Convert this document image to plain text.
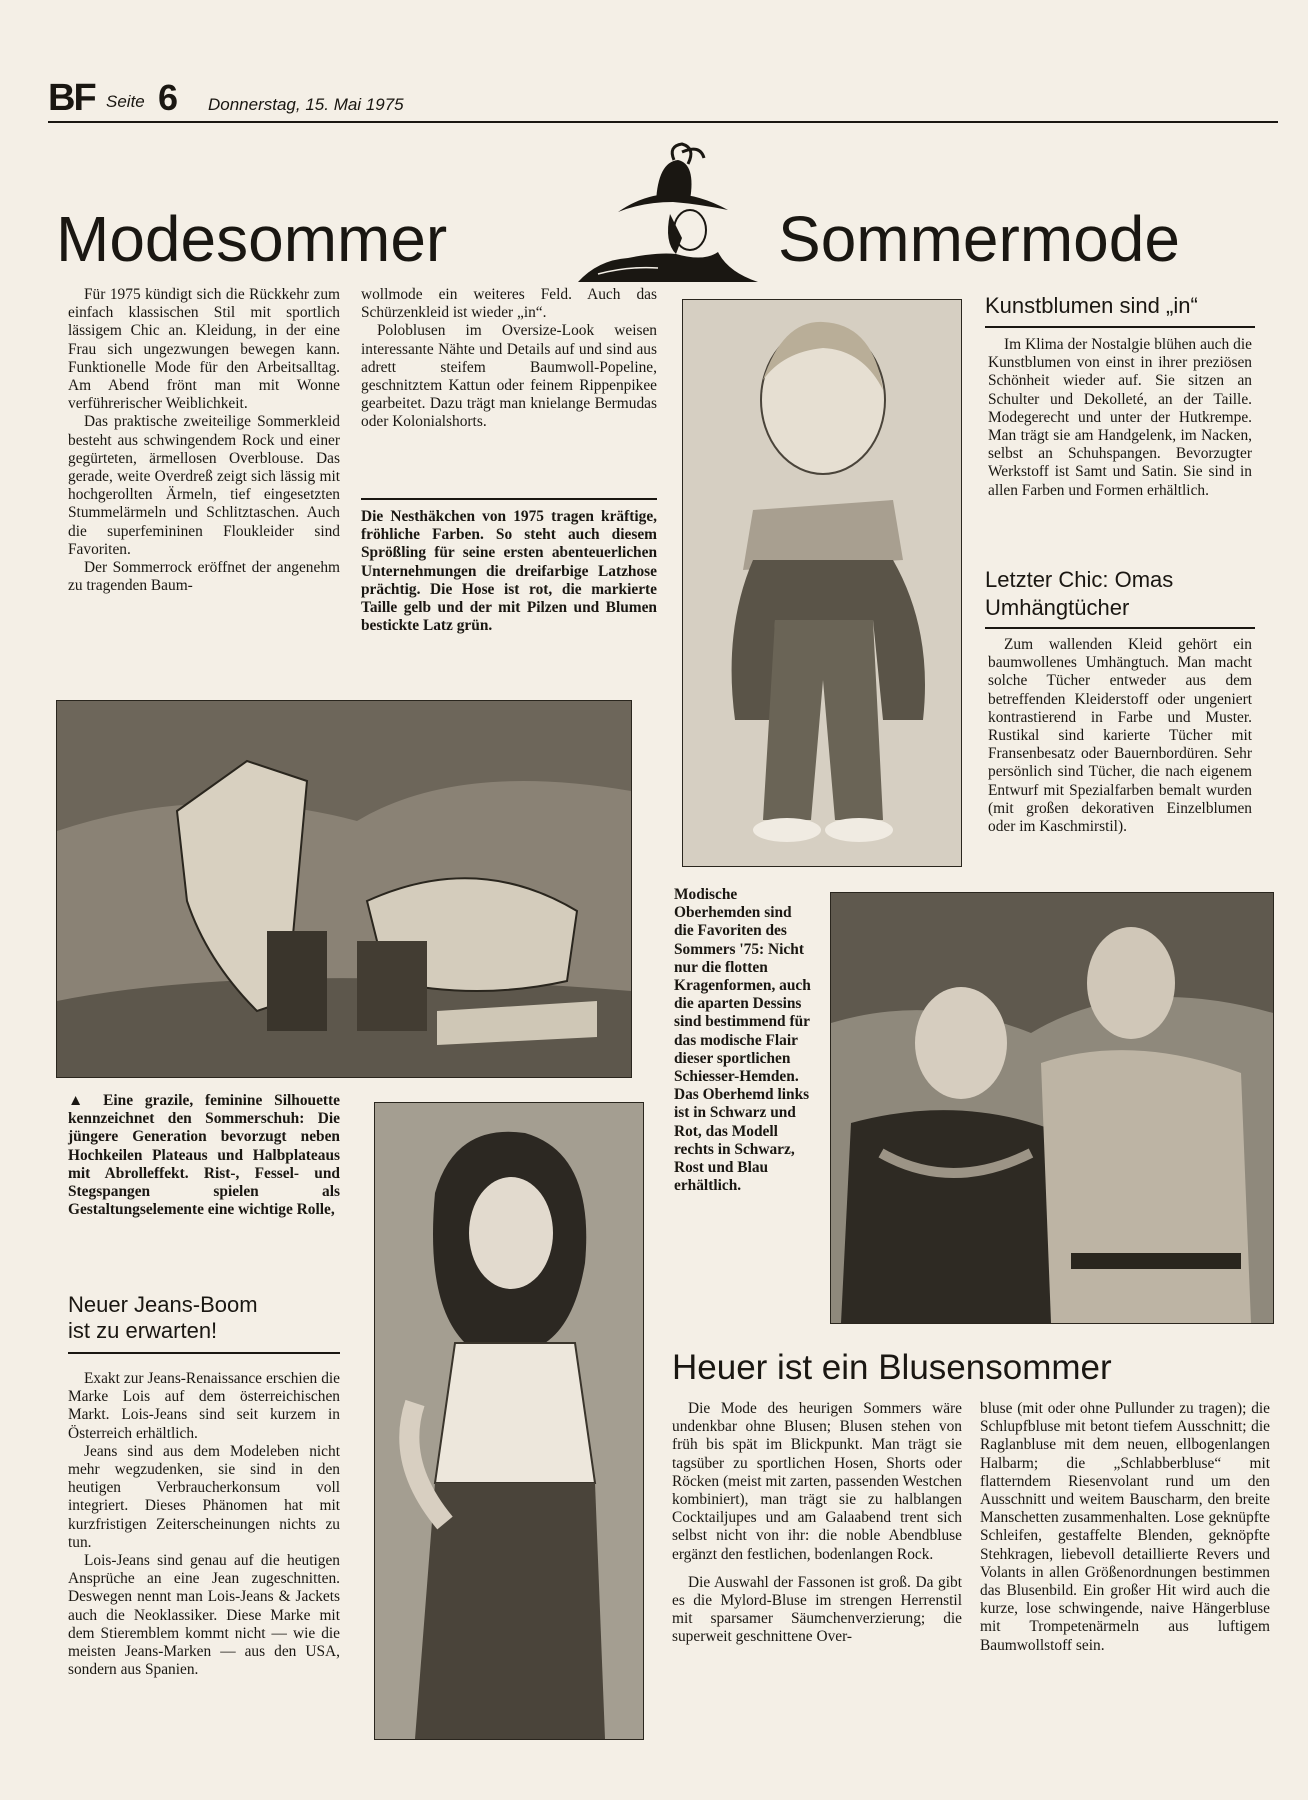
BF Seite 6 Donnerstag, 15. Mai 1975
Modesommer	Sommermode

Für 1975 kündigt sich die Rückkehr zum einfach klassischen Stil mit sportlich lässigem Chic an. Kleidung, in der eine Frau sich ungezwungen bewegen kann. Funktionelle Mode für den Arbeitsalltag. Am Abend frönt man mit Wonne verführerischer Weiblichkeit.

Das praktische zweiteilige Sommerkleid besteht aus schwingendem Rock und einer gegürteten, ärmellosen Overblouse. Das gerade, weite Overdreß zeigt sich lässig mit hochgerollten Ärmeln, tief eingesetzten Stummelärmeln und Schlitztaschen. Auch die superfemininen Floukleider sind Favoriten.

Der Sommerrock eröffnet der angenehm zu tragenden Baum-

wollmode ein weiteres Feld. Auch das Schürzenkleid ist wieder „in“.

Poloblusen im Oversize-Look weisen interessante Nähte und Details auf und sind aus adrett steifem Baumwoll-Popeline, geschnitztem Kattun oder feinem Rippenpikee gearbeitet. Dazu trägt man knielange Bermudas oder Kolonialshorts.

Die Nesthäkchen von 1975 tragen kräftige, fröhliche Farben. So steht auch diesem Sprößling für seine ersten abenteuerlichen Unternehmungen die dreifarbige Latzhose prächtig. Die Hose ist rot, die markierte Taille gelb und der mit Pilzen und Blumen bestickte Latz grün.
Kunstblumen sind „in“

Im Klima der Nostalgie blühen auch die Kunstblumen von einst in ihrer preziösen Schönheit wieder auf. Sie sitzen an Schulter und Dekolleté, an der Taille. Modegerecht und unter der Hutkrempe. Man trägt sie am Handgelenk, im Nacken, selbst an Schuhspangen. Bevorzugter Werkstoff ist Samt und Satin. Sie sind in allen Farben und Formen erhältlich.

Letzter Chic: Omas
Umhängtücher

Zum wallenden Kleid gehört ein baumwollenes Umhängtuch. Man macht solche Tücher entweder aus dem betreffenden Kleiderstoff oder ungeniert kontrastierend in Farbe und Muster. Rustikal sind karierte Tücher mit Fransenbesatz oder Bauernbordüren. Sehr persönlich sind Tücher, die nach eigenem Entwurf mit Spezialfarben bemalt wurden (mit großen dekorativen Einzelblumen oder im Kaschmirstil).

▲ Eine grazile, feminine Silhouette kennzeichnet den Sommerschuh: Die jüngere Generation bevorzugt neben Hochkeilen Plateaus und Halbplateaus mit Abrolleffekt. Rist-, Fessel- und Stegspangen spielen als Gestaltungselemente eine wichtige Rolle,
Neuer Jeans-Boom
ist zu erwarten!

Exakt zur Jeans-Renaissance erschien die Marke Lois auf dem österreichischen Markt. Lois-Jeans sind seit kurzem in Österreich erhältlich.

Jeans sind aus dem Modeleben nicht mehr wegzudenken, sie sind in den heutigen Verbraucherkonsum voll integriert. Dieses Phänomen hat mit kurzfristigen Zeiterscheinungen nichts zu tun.

Lois-Jeans sind genau auf die heutigen Ansprüche an eine Jean zugeschnitten. Deswegen nennt man Lois-Jeans & Jackets auch die Neoklassiker. Diese Marke mit dem Stieremblem kommt nicht — wie die meisten Jeans-Marken — aus den USA, sondern aus Spanien.

Modische Oberhemden sind die Favoriten des Sommers '75: Nicht nur die flotten Kragenformen, auch die aparten Dessins sind bestimmend für das modische Flair dieser sportlichen Schiesser-Hemden. Das Oberhemd links ist in Schwarz und Rot, das Modell rechts in Schwarz, Rost und Blau erhältlich.
Heuer ist ein Blusensommer

Die Mode des heurigen Sommers wäre undenkbar ohne Blusen; Blusen stehen von früh bis spät im Blickpunkt. Man trägt sie tagsüber zu sportlichen Hosen, Shorts oder Röcken (meist mit zarten, passenden Westchen kombiniert), man trägt sie zu halblangen Cocktailjupes und am Galaabend trent sich selbst nicht von ihr: die noble Abendbluse ergänzt den festlichen, bodenlangen Rock.

Die Auswahl der Fassonen ist groß. Da gibt es die Mylord-Bluse im strengen Herrenstil mit sparsamer Säumchenverzierung; die superweit geschnittene Over-

bluse (mit oder ohne Pullunder zu tragen); die Schlupfbluse mit betont tiefem Ausschnitt; die Raglanbluse mit dem neuen, ellbogenlangen Halbarm; die „Schlabberbluse“ mit flatterndem Riesenvolant rund um den Ausschnitt und weitem Bauscharm, den breite Manschetten zusammenhalten. Lose geknüpfte Schleifen, gestaffelte Blenden, geknöpfte Stehkragen, liebevoll detaillierte Revers und Volants in allen Größenordnungen bestimmen das Blusenbild. Ein großer Hit wird auch die kurze, lose schwingende, naive Hängerbluse mit Trompetenärmeln aus luftigem Baumwollstoff sein.
